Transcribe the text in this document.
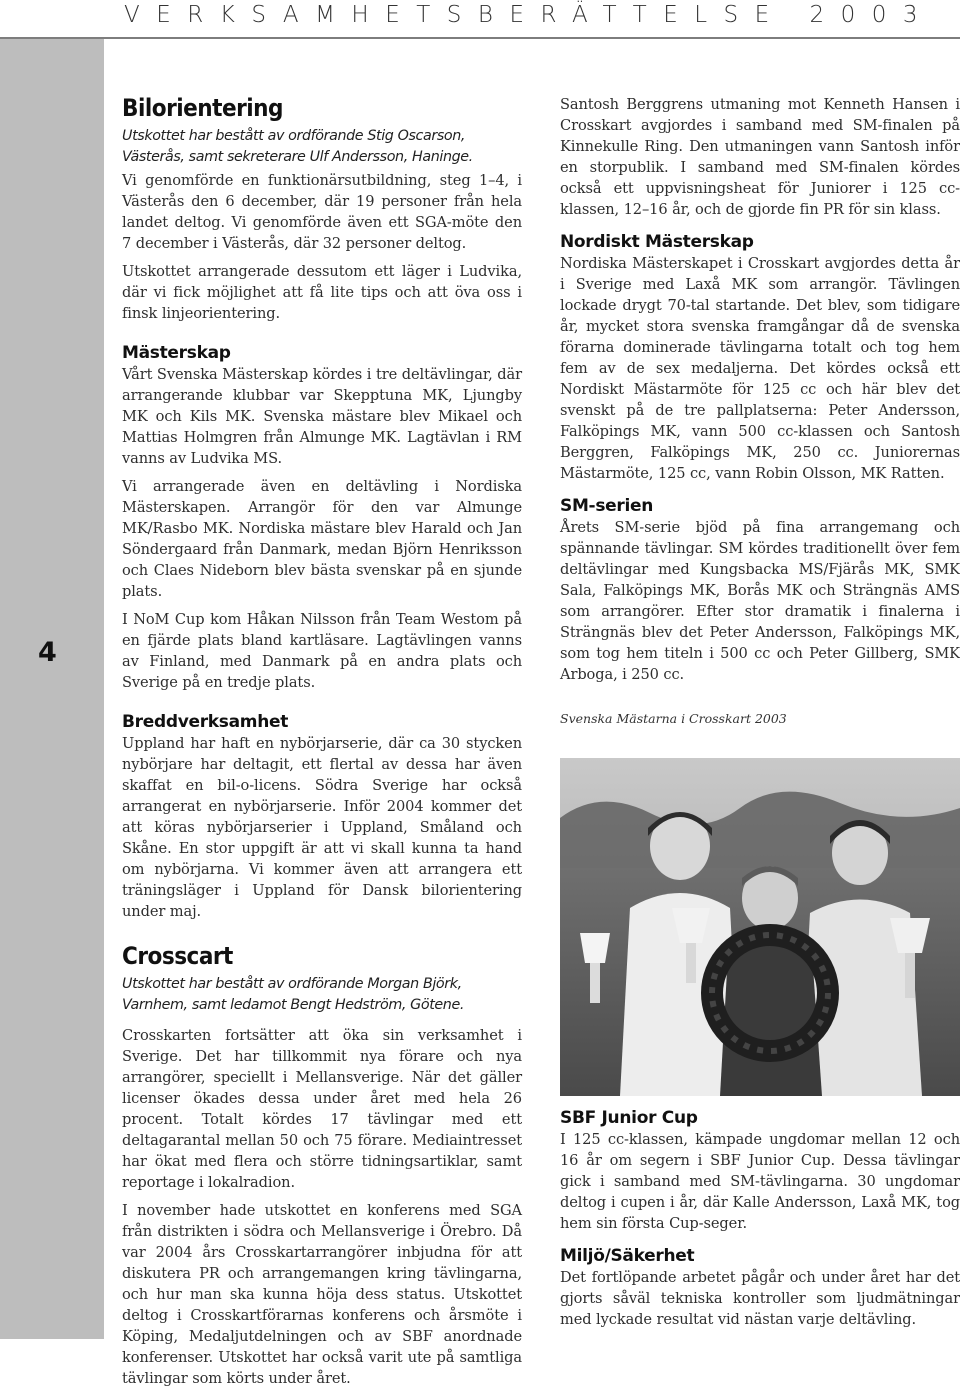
VERKSAMHETSBERÄTTELSE 2003
4
Bilorientering

Utskottet har bestått av ordförande Stig Oscarson, Västerås, samt sekreterare Ulf Andersson, Haninge.

Vi genomförde en funktionärsutbildning, steg 1–4, i Västerås den 6 december, där 19 personer från hela landet deltog. Vi genomförde även ett SGA-möte den 7 december i Västerås, där 32 personer deltog.

Utskottet arrangerade dessutom ett läger i Ludvika, där vi fick möjlighet att få lite tips och att öva oss i finsk linjeorientering.

Mästerskap

Vårt Svenska Mästerskap kördes i tre deltävlingar, där arrangerande klubbar var Skepptuna MK, Ljungby MK och Kils MK. Svenska mästare blev Mikael och Mattias Holmgren från Almunge MK. Lagtävlan i RM vanns av Ludvika MS.

Vi arrangerade även en deltävling i Nordiska Mästerskapen. Arrangör för den var Almunge MK/Rasbo MK. Nordiska mästare blev Harald och Jan Söndergaard från Danmark, medan Björn Henriksson och Claes Nideborn blev bästa svenskar på en sjunde plats.

I NoM Cup kom Håkan Nilsson från Team Westom på en fjärde plats bland kartläsare. Lagtävlingen vanns av Finland, med Danmark på en andra plats och Sverige på en tredje plats.

Breddverksamhet

Uppland har haft en nybörjarserie, där ca 30 stycken nybörjare har deltagit, ett flertal av dessa har även skaffat en bil-o-licens. Södra Sverige har också arrangerat en nybörjarserie. Inför 2004 kommer det att köras nybörjarserier i Uppland, Småland och Skåne. En stor uppgift är att vi skall kunna ta hand om nybörjarna. Vi kommer även att arrangera ett träningsläger i Uppland för Dansk bilorientering under maj.

Crosscart

Utskottet har bestått av ordförande Morgan Björk, Varnhem, samt ledamot Bengt Hedström, Götene.

Crosskarten fortsätter att öka sin verksamhet i Sverige. Det har tillkommit nya förare och nya arrangörer, speciellt i Mellansverige. När det gäller licenser ökades dessa under året med hela 26 procent. Totalt kördes 17 tävlingar med ett deltagarantal mellan 50 och 75 förare. Mediaintresset har ökat med flera och större tidningsartiklar, samt reportage i lokalradion.

I november hade utskottet en konferens med SGA från distrikten i södra och Mellansverige i Örebro. Då var 2004 års Crosskartarrangörer inbjudna för att diskutera PR och arrangemangen kring tävlingarna, och hur man ska kunna höja dess status. Utskottet deltog i Crosskartförarnas konferens och årsmöte i Köping, Medaljutdelningen och av SBF anordnade konferenser. Utskottet har också varit ute på samtliga tävlingar som körts under året.

Santosh Berggrens utmaning mot Kenneth Hansen i Crosskart avgjordes i samband med SM-finalen på Kinnekulle Ring. Den utmaningen vann Santosh inför en storpublik. I samband med SM-finalen kördes också ett uppvisningsheat för Juniorer i 125 cc-klassen, 12–16 år, och de gjorde fin PR för sin klass.

Nordiskt Mästerskap

Nordiska Mästerskapet i Crosskart avgjordes detta år i Sverige med Laxå MK som arrangör. Tävlingen lockade drygt 70-tal startande. Det blev, som tidigare år, mycket stora svenska framgångar då de svenska förarna dominerade tävlingarna totalt och tog hem fem av de sex medaljerna. Det kördes också ett Nordiskt Mästarmöte för 125 cc och här blev det svenskt på de tre pallplatserna: Peter Andersson, Falköpings MK, vann 500 cc-klassen och Santosh Berggren, Falköpings MK, 250 cc. Juniorernas Mästarmöte, 125 cc, vann Robin Olsson, MK Ratten.

SM-serien

Årets SM-serie bjöd på fina arrangemang och spännande tävlingar. SM kördes traditionellt över fem deltävlingar med Kungsbacka MS/Fjärås MK, SMK Sala, Falköpings MK, Borås MK och Strängnäs AMS som arrangörer. Efter stor dramatik i finalerna i Strängnäs blev det Peter Andersson, Falköpings MK, som tog hem titeln i 500 cc och Peter Gillberg, SMK Arboga, i 250 cc.

Svenska Mästarna i Crosskart 2003

SBF Junior Cup

I 125 cc-klassen, kämpade ungdomar mellan 12 och 16 år om segern i SBF Junior Cup. Dessa tävlingar gick i samband med SM-tävlingarna. 30 ungdomar deltog i cupen i år, där Kalle Andersson, Laxå MK, tog hem sin första Cup-seger.

Miljö/Säkerhet

Det fortlöpande arbetet pågår och under året har det gjorts såväl tekniska kontroller som ljudmätningar med lyckade resultat vid nästan varje deltävling.
